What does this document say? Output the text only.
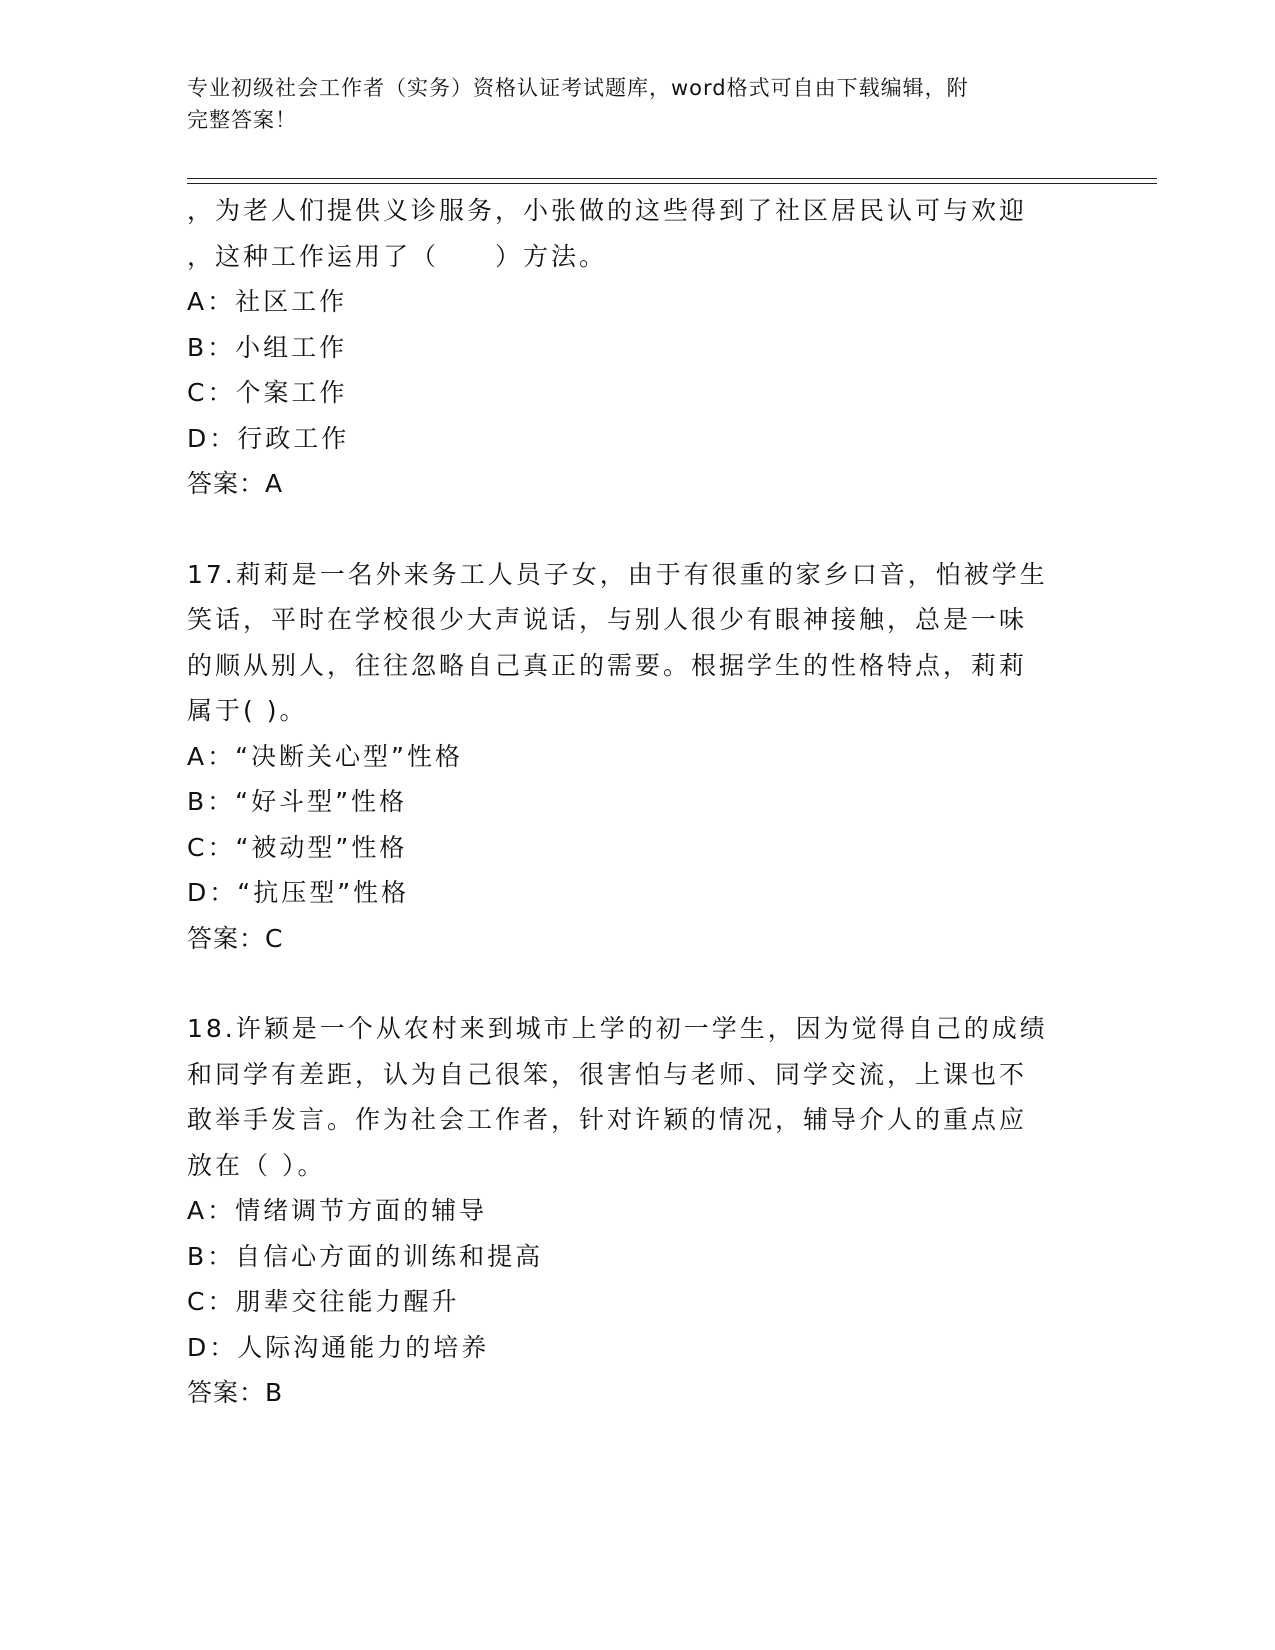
专业初级社会工作者（实务）资格认证考试题库，word格式可自由下载编辑，附
完整答案！
，为老人们提供义诊服务，小张做的这些得到了社区居民认可与欢迎
，这种工作运用了（　　）方法。
A：社区工作
B：小组工作
C：个案工作
D：行政工作
答案：A
17.莉莉是一名外来务工人员子女，由于有很重的家乡口音，怕被学生
笑话，平时在学校很少大声说话，与别人很少有眼神接触，总是一味
的顺从别人，往往忽略自己真正的需要。根据学生的性格特点，莉莉
属于( )。
A：“决断关心型”性格
B：“好斗型”性格
C：“被动型”性格
D：“抗压型”性格
答案：C
18.许颖是一个从农村来到城市上学的初一学生，因为觉得自己的成绩
和同学有差距，认为自己很笨，很害怕与老师、同学交流，上课也不
敢举手发言。作为社会工作者，针对许颖的情况，辅导介人的重点应
放在（ ）。
A：情绪调节方面的辅导
B：自信心方面的训练和提高
C：朋辈交往能力醒升
D：人际沟通能力的培养
答案：B
